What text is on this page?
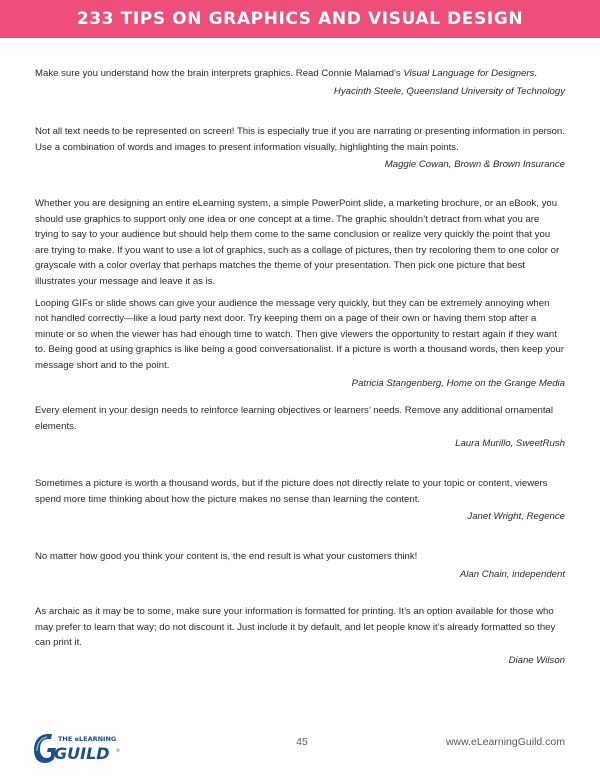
233 TIPS ON GRAPHICS AND VISUAL DESIGN

Make sure you understand how the brain interprets graphics. Read Connie Malamad’s Visual Language for Designers.

Hyacinth Steele, Queensland University of Technology

Not all text needs to be represented on screen! This is especially true if you are narrating or presenting information in person. Use a combination of words and images to present information visually, highlighting the main points.

Maggie Cowan, Brown & Brown Insurance

Whether you are designing an entire eLearning system, a simple PowerPoint slide, a marketing brochure, or an eBook, you should use graphics to support only one idea or one concept at a time. The graphic shouldn’t detract from what you are trying to say to your audience but should help them come to the same conclusion or realize very quickly the point that you are trying to make. If you want to use a lot of graphics, such as a collage of pictures, then try recoloring them to one color or grayscale with a color overlay that perhaps matches the theme of your presentation. Then pick one picture that best illustrates your message and leave it as is.

Looping GIFs or slide shows can give your audience the message very quickly, but they can be extremely annoying when not handled correctly—like a loud party next door. Try keeping them on a page of their own or having them stop after a minute or so when the viewer has had enough time to watch. Then give viewers the opportunity to restart again if they want to. Being good at using graphics is like being a good conversationalist. If a picture is worth a thousand words, then keep your message short and to the point.

Patricia Stangenberg, Home on the Grange Media

Every element in your design needs to reinforce learning objectives or learners’ needs. Remove any additional ornamental elements.

Laura Murillo, SweetRush

Sometimes a picture is worth a thousand words, but if the picture does not directly relate to your topic or content, viewers spend more time thinking about how the picture makes no sense than learning the content.

Janet Wright, Regence

No matter how good you think your content is, the end result is what your customers think!

Alan Chain, independent

As archaic as it may be to some, make sure your information is formatted for printing. It’s an option available for those who may prefer to learn that way; do not discount it. Just include it by default, and let people know it’s already formatted so they can print it.

Diane Wilson
THE eLEARNING
GUILD ®
45	www.eLearningGuild.com
